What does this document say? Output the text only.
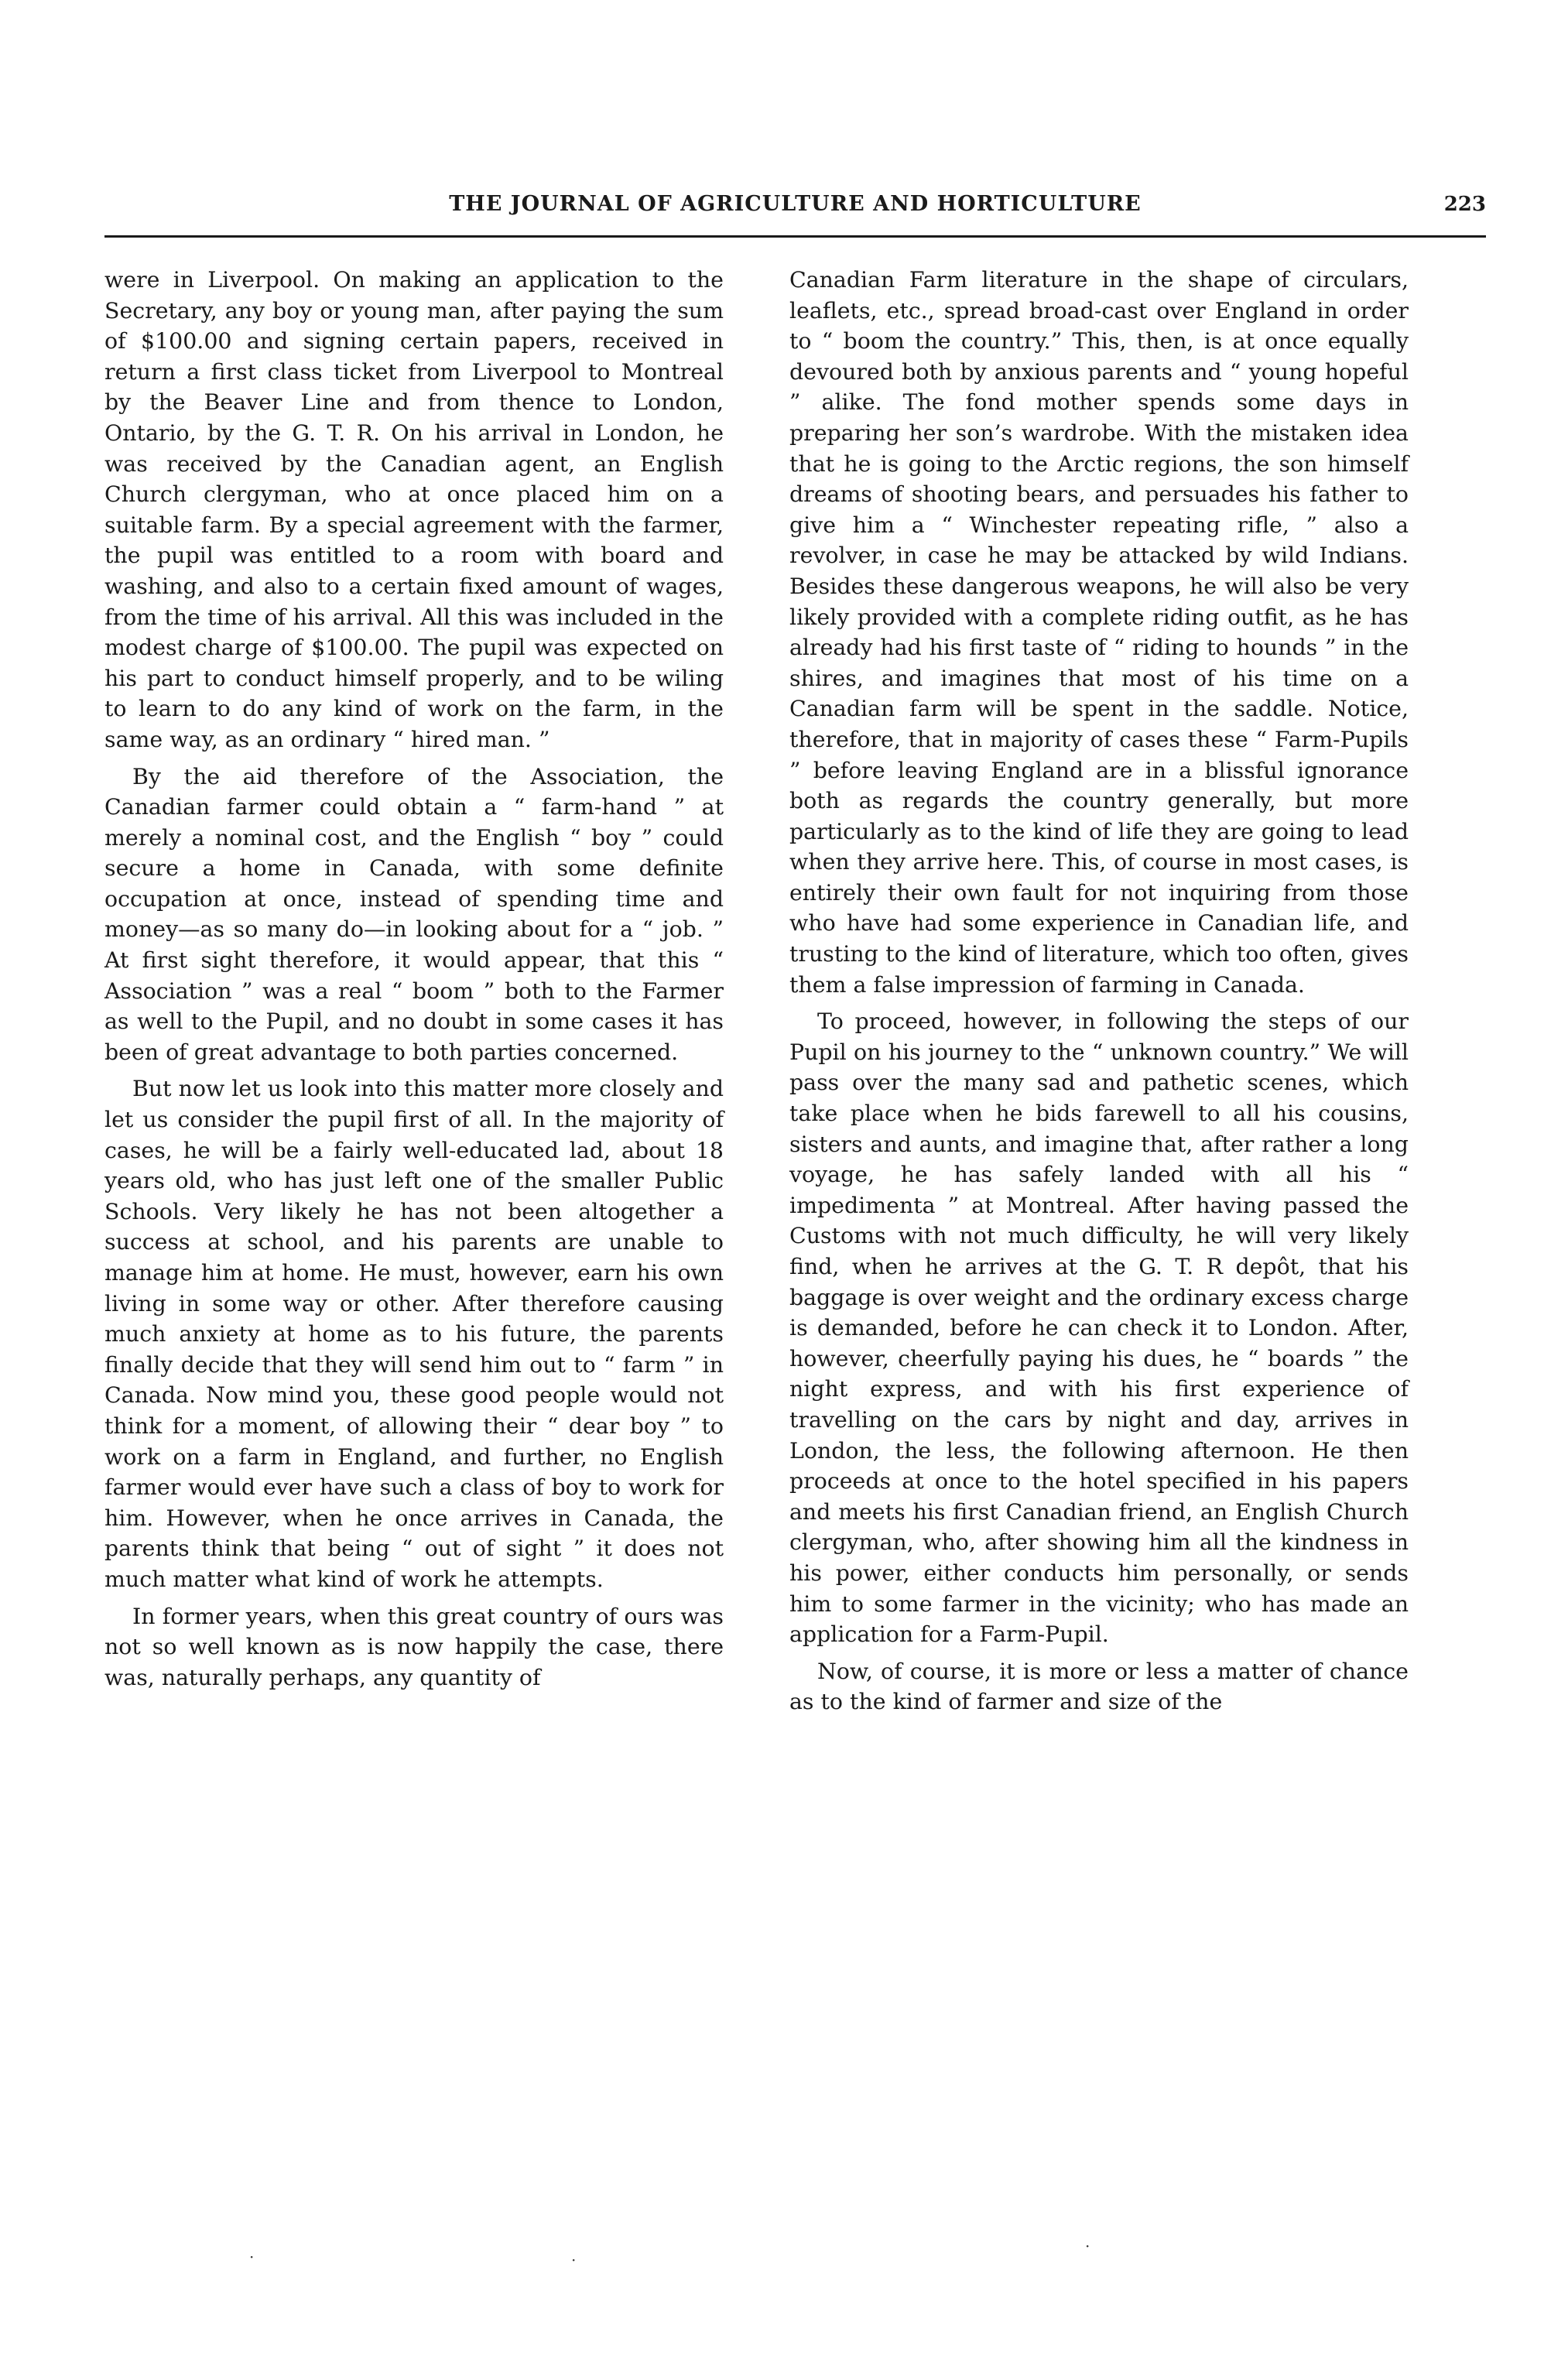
THE JOURNAL OF AGRICULTURE AND HORTICULTURE	223

were in Liverpool. On making an application to the Secretary, any boy or young man, after paying the sum of $100.00 and signing certain papers, received in return a first class ticket from Liverpool to Montreal by the Beaver Line and from thence to London, Ontario, by the G. T. R. On his arrival in London, he was received by the Canadian agent, an English Church clergyman, who at once placed him on a suitable farm. By a special agreement with the farmer, the pupil was entitled to a room with board and washing, and also to a certain fixed amount of wages, from the time of his arrival. All this was included in the modest charge of $100.00. The pupil was expected on his part to conduct himself properly, and to be wiling to learn to do any kind of work on the farm, in the same way, as an ordinary “ hired man. ”

By the aid therefore of the Association, the Canadian farmer could obtain a “ farm-hand ” at merely a nominal cost, and the English “ boy ” could secure a home in Canada, with some definite occupation at once, instead of spending time and money—as so many do—in looking about for a “ job. ” At first sight therefore, it would appear, that this “ Association ” was a real “ boom ” both to the Farmer as well to the Pupil, and no doubt in some cases it has been of great advantage to both parties concerned.

But now let us look into this matter more closely and let us consider the pupil first of all. In the majority of cases, he will be a fairly well-educated lad, about 18 years old, who has just left one of the smaller Public Schools. Very likely he has not been altogether a success at school, and his parents are unable to manage him at home. He must, however, earn his own living in some way or other. After therefore causing much anxiety at home as to his future, the parents finally decide that they will send him out to “ farm ” in Canada. Now mind you, these good people would not think for a moment, of allowing their “ dear boy ” to work on a farm in England, and further, no English farmer would ever have such a class of boy to work for him. However, when he once arrives in Canada, the parents think that being “ out of sight ” it does not much matter what kind of work he attempts.

In former years, when this great country of ours was not so well known as is now happily the case, there was, naturally perhaps, any quantity of

Canadian Farm literature in the shape of circulars, leaflets, etc., spread broad-cast over England in order to “ boom the country.” This, then, is at once equally devoured both by anxious parents and “ young hopeful ” alike. The fond mother spends some days in preparing her son’s wardrobe. With the mistaken idea that he is going to the Arctic regions, the son himself dreams of shooting bears, and persuades his father to give him a “ Winchester repeating rifle, ” also a revolver, in case he may be attacked by wild Indians. Besides these dangerous weapons, he will also be very likely provided with a complete riding outfit, as he has already had his first taste of “ riding to hounds ” in the shires, and imagines that most of his time on a Canadian farm will be spent in the saddle. Notice, therefore, that in majority of cases these “ Farm-Pupils ” before leaving England are in a blissful ignorance both as regards the country generally, but more particularly as to the kind of life they are going to lead when they arrive here. This, of course in most cases, is entirely their own fault for not inquiring from those who have had some experience in Canadian life, and trusting to the kind of literature, which too often, gives them a false impression of farming in Canada.

To proceed, however, in following the steps of our Pupil on his journey to the “ unknown country.” We will pass over the many sad and pathetic scenes, which take place when he bids farewell to all his cousins, sisters and aunts, and imagine that, after rather a long voyage, he has safely landed with all his “ impedimenta ” at Montreal. After having passed the Customs with not much difficulty, he will very likely find, when he arrives at the G. T. R depôt, that his baggage is over weight and the ordinary excess charge is demanded, before he can check it to London. After, however, cheerfully paying his dues, he “ boards ” the night express, and with his first experience of travelling on the cars by night and day, arrives in London, the less, the following afternoon. He then proceeds at once to the hotel specified in his papers and meets his first Canadian friend, an English Church clergyman, who, after showing him all the kindness in his power, either conducts him personally, or sends him to some farmer in the vicinity; who has made an application for a Farm-Pupil.

Now, of course, it is more or less a matter of chance as to the kind of farmer and size of the

·	·
·
